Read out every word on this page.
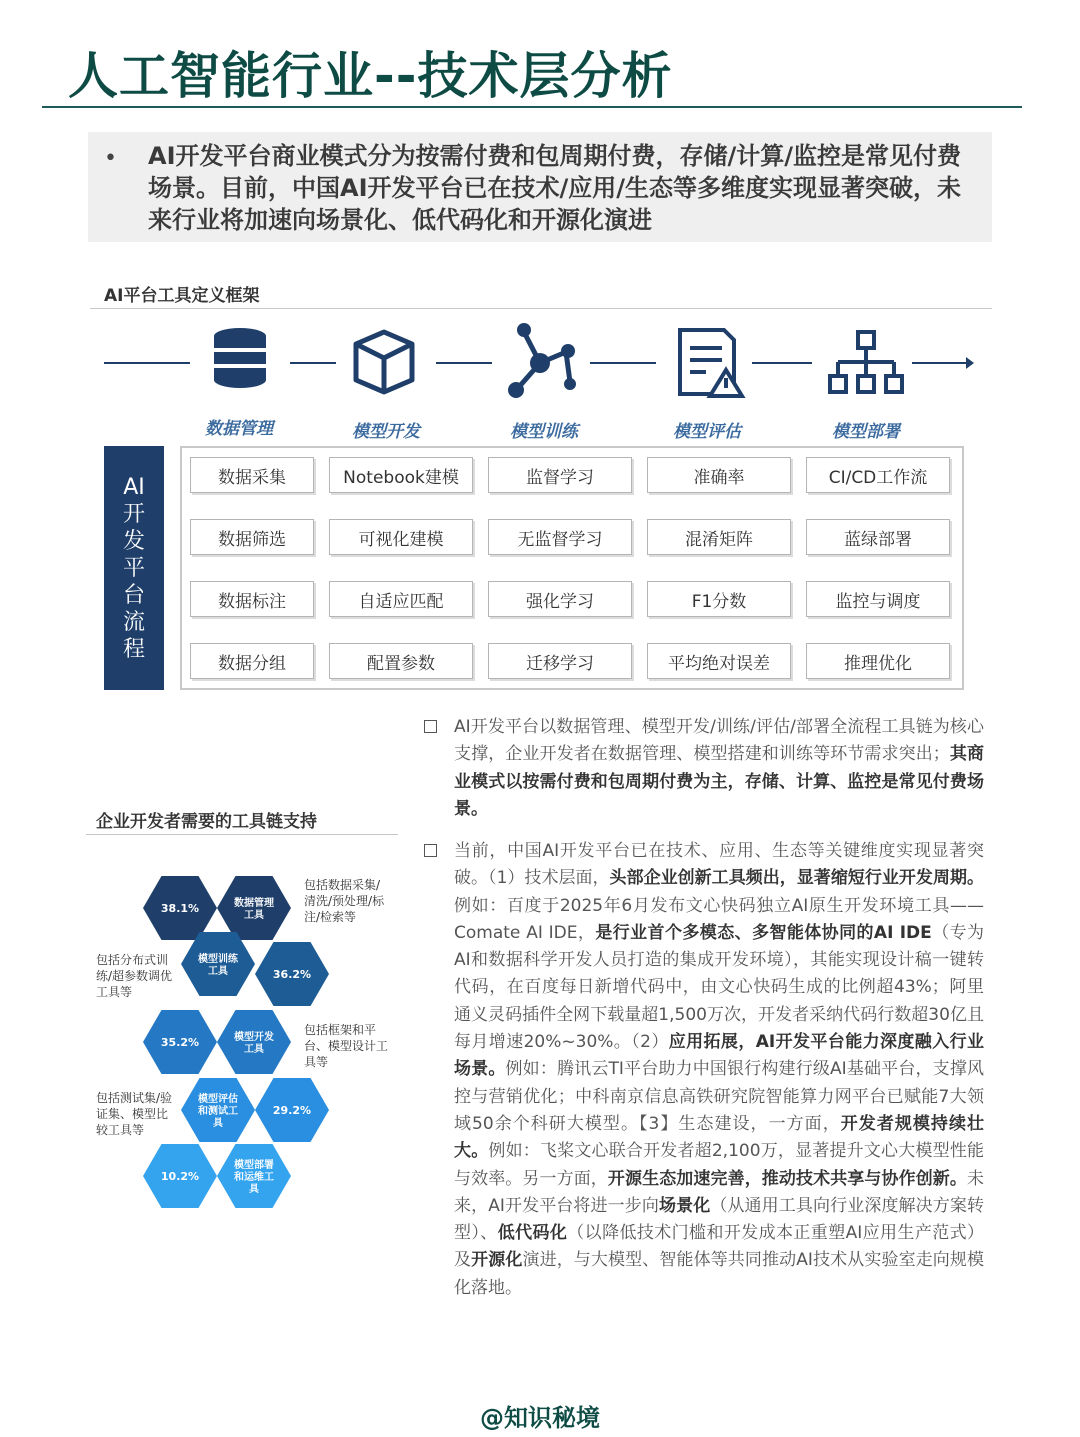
人工智能行业--技术层分析
• AI开发平台商业模式分为按需付费和包周期付费，存储/计算/监控是常见付费场景。目前，中国AI开发平台已在技术/应用/生态等多维度实现显著突破，未来行业将加速向场景化、低代码化和开源化演进
AI平台工具定义框架
数据管理	模型开发	模型训练	模型评估	模型部署
AI开发平台流程
数据采集	Notebook建模	监督学习	准确率	CI/CD工作流
数据筛选	可视化建模	无监督学习	混淆矩阵	蓝绿部署
数据标注	自适应匹配	强化学习	F1分数	监控与调度
数据分组	配置参数	迁移学习	平均绝对误差	推理优化
企业开发者需要的工具链支持
38.1%	数据管理工具
模型训练工具	36.2%
35.2%	模型开发工具
模型评估和测试工具
29.2%
10.2%
模型部署和运维工具
包括数据采集/清洗/预处理/标注/检索等
包括分布式训练/超参数调优工具等
包括框架和平台、模型设计工具等
包括测试集/验证集、模型比较工具等
AI开发平台以数据管理、模型开发/训练/评估/部署全流程工具链为核心支撑，企业开发者在数据管理、模型搭建和训练等环节需求突出；其商业模式以按需付费和包周期付费为主，存储、计算、监控是常见付费场景。
当前，中国AI开发平台已在技术、应用、生态等关键维度实现显著突破。（1）技术层面，头部企业创新工具频出，显著缩短行业开发周期。例如：百度于2025年6月发布文心快码独立AI原生开发环境工具——Comate AI IDE，是行业首个多模态、多智能体协同的AI IDE（专为AI和数据科学开发人员打造的集成开发环境），其能实现设计稿一键转代码，在百度每日新增代码中，由文心快码生成的比例超43%；阿里通义灵码插件全网下载量超1,500万次，开发者采纳代码行数超30亿且每月增速20%~30%。（2）应用拓展，AI开发平台能力深度融入行业场景。例如：腾讯云TI平台助力中国银行构建行级AI基础平台，支撑风控与营销优化；中科南京信息高铁研究院智能算力网平台已赋能7大领域50余个科研大模型。【3】生态建设，一方面，开发者规模持续壮大。例如：飞桨文心联合开发者超2,100万，显著提升文心大模型性能与效率。另一方面，开源生态加速完善，推动技术共享与协作创新。未来，AI开发平台将进一步向场景化（从通用工具向行业深度解决方案转型）、低代码化（以降低技术门槛和开发成本正重塑AI应用生产范式）及开源化演进，与大模型、智能体等共同推动AI技术从实验室走向规模化落地。
@知识秘境
